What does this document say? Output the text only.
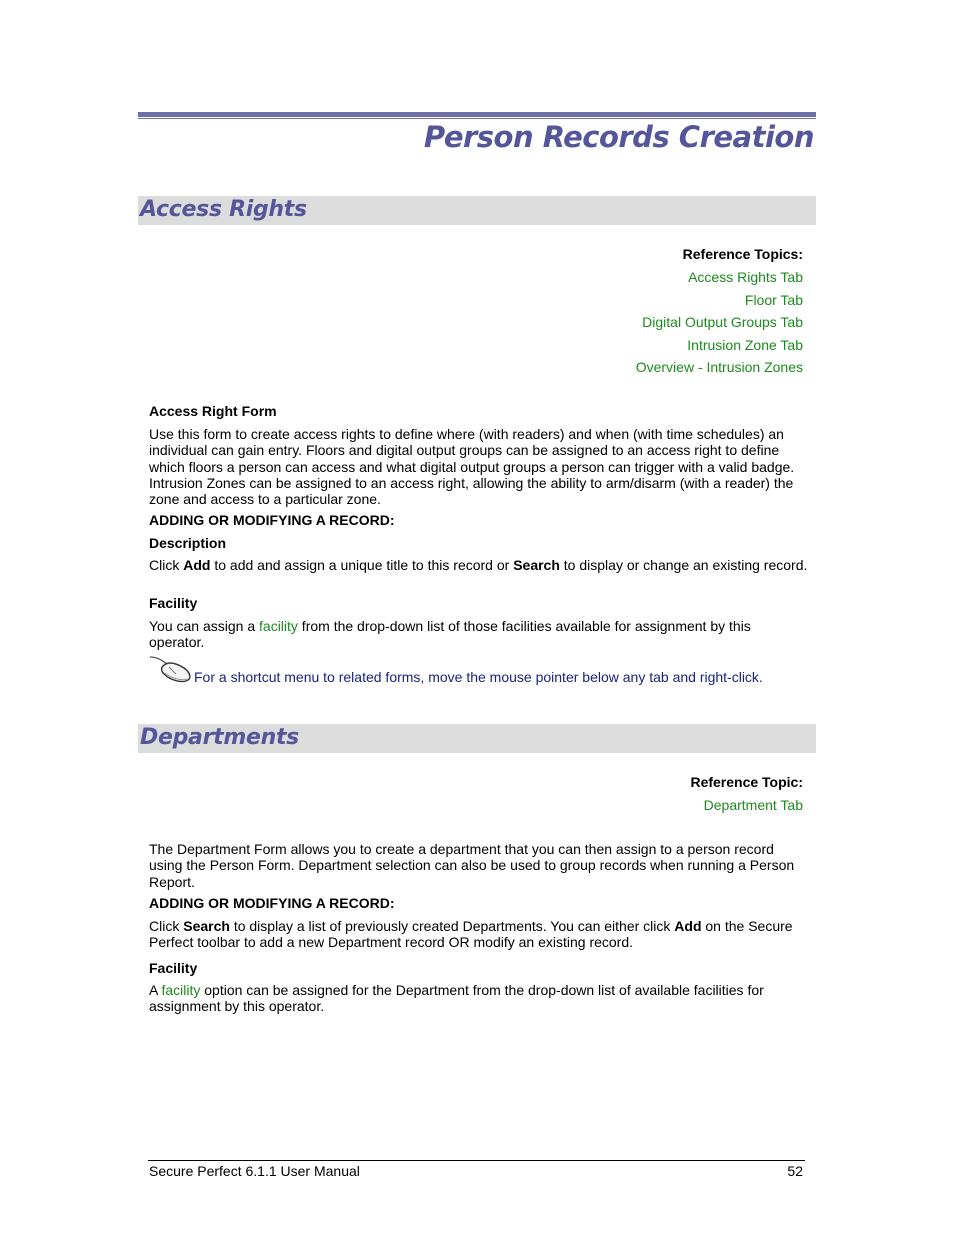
Person Records Creation
Access Rights
Reference Topics:
Access Rights Tab
Floor Tab
Digital Output Groups Tab
Intrusion Zone Tab
Overview - Intrusion Zones
Access Right Form

Use this form to create access rights to define where (with readers) and when (with time schedules) an individual can gain entry. Floors and digital output groups can be assigned to an access right to define which floors a person can access and what digital output groups a person can trigger with a valid badge. Intrusion Zones can be assigned to an access right, allowing the ability to arm/disarm (with a reader) the zone and access to a particular zone.

ADDING OR MODIFYING A RECORD:
Description

Click Add to add and assign a unique title to this record or Search to display or change an existing record.

Facility

You can assign a facility from the drop-down list of those facilities available for assignment by this operator.

For a shortcut menu to related forms, move the mouse pointer below any tab and right-click.
Departments
Reference Topic:
Department Tab

The Department Form allows you to create a department that you can then assign to a person record using the Person Form. Department selection can also be used to group records when running a Person Report.

ADDING OR MODIFYING A RECORD:

Click Search to display a list of previously created Departments. You can either click Add on the Secure Perfect toolbar to add a new Department record OR modify an existing record.

Facility

A facility option can be assigned for the Department from the drop-down list of available facilities for assignment by this operator.

Secure Perfect 6.1.1 User Manual	52
